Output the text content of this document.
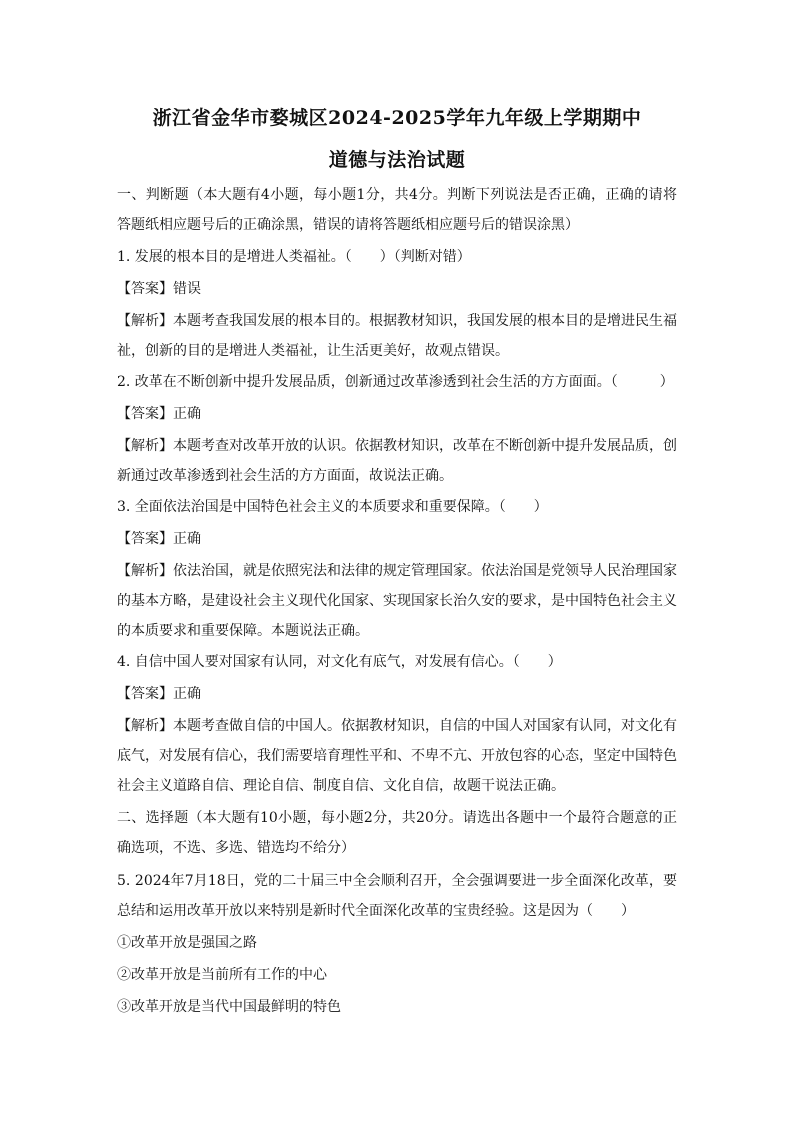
浙江省金华市婺城区2024-2025学年九年级上学期期中
道德与法治试题
一、判断题（本大题有4小题，每小题1分，共4分。判断下列说法是否正确，正确的请将
答题纸相应题号后的正确涂黑，错误的请将答题纸相应题号后的错误涂黑）
1. 发展的根本目的是增进人类福祉。（　　）（判断对错）
【答案】错误
【解析】本题考查我国发展的根本目的。根据教材知识，我国发展的根本目的是增进民生福
祉，创新的目的是增进人类福祉，让生活更美好，故观点错误。
2. 改革在不断创新中提升发展品质，创新通过改革渗透到社会生活的方方面面。（　　　）
【答案】正确
【解析】本题考查对改革开放的认识。依据教材知识，改革在不断创新中提升发展品质，创
新通过改革渗透到社会生活的方方面面，故说法正确。
3. 全面依法治国是中国特色社会主义的本质要求和重要保障。（　　）
【答案】正确
【解析】依法治国，就是依照宪法和法律的规定管理国家。依法治国是党领导人民治理国家
的基本方略，是建设社会主义现代化国家、实现国家长治久安的要求，是中国特色社会主义
的本质要求和重要保障。本题说法正确。
4. 自信中国人要对国家有认同，对文化有底气，对发展有信心。（　　）
【答案】正确
【解析】本题考查做自信的中国人。依据教材知识，自信的中国人对国家有认同，对文化有
底气，对发展有信心，我们需要培育理性平和、不卑不亢、开放包容的心态，坚定中国特色
社会主义道路自信、理论自信、制度自信、文化自信，故题干说法正确。
二、选择题（本大题有10小题，每小题2分，共20分。请选出各题中一个最符合题意的正
确选项，不选、多选、错选均不给分）
5. 2024年7月18日，党的二十届三中全会顺利召开，全会强调要进一步全面深化改革，要
总结和运用改革开放以来特别是新时代全面深化改革的宝贵经验。这是因为（　　）
①改革开放是强国之路
②改革开放是当前所有工作的中心
③改革开放是当代中国最鲜明的特色
